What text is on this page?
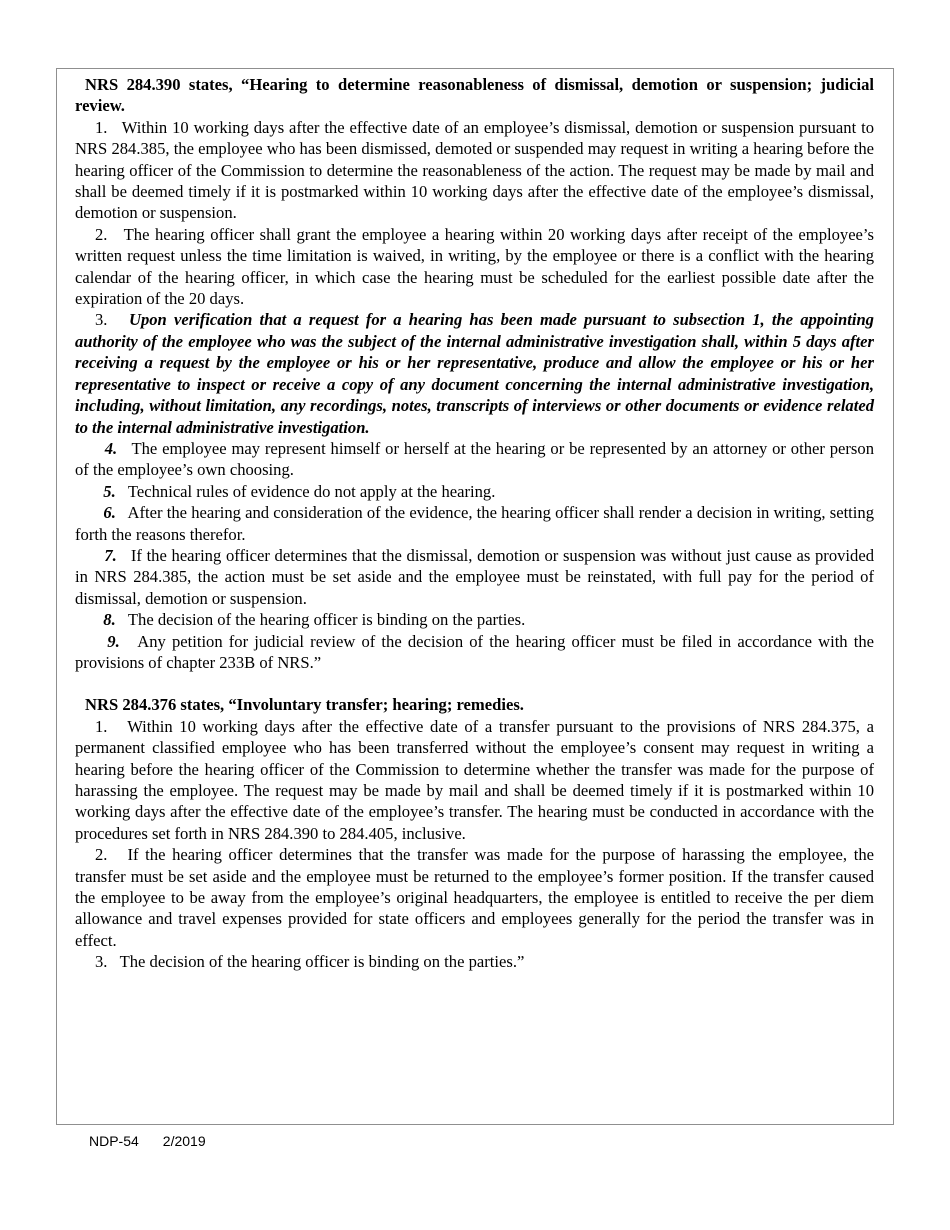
NRS 284.390 states, “Hearing to determine reasonableness of dismissal, demotion or suspension; judicial review.

1. Within 10 working days after the effective date of an employee’s dismissal, demotion or suspension pursuant to NRS 284.385, the employee who has been dismissed, demoted or suspended may request in writing a hearing before the hearing officer of the Commission to determine the reasonableness of the action. The request may be made by mail and shall be deemed timely if it is postmarked within 10 working days after the effective date of the employee’s dismissal, demotion or suspension.

2. The hearing officer shall grant the employee a hearing within 20 working days after receipt of the employee’s written request unless the time limitation is waived, in writing, by the employee or there is a conflict with the hearing calendar of the hearing officer, in which case the hearing must be scheduled for the earliest possible date after the expiration of the 20 days.

3. Upon verification that a request for a hearing has been made pursuant to subsection 1, the appointing authority of the employee who was the subject of the internal administrative investigation shall, within 5 days after receiving a request by the employee or his or her representative, produce and allow the employee or his or her representative to inspect or receive a copy of any document concerning the internal administrative investigation, including, without limitation, any recordings, notes, transcripts of interviews or other documents or evidence related to the internal administrative investigation.

4. The employee may represent himself or herself at the hearing or be represented by an attorney or other person of the employee’s own choosing.

5. Technical rules of evidence do not apply at the hearing.

6. After the hearing and consideration of the evidence, the hearing officer shall render a decision in writing, setting forth the reasons therefor.

7. If the hearing officer determines that the dismissal, demotion or suspension was without just cause as provided in NRS 284.385, the action must be set aside and the employee must be reinstated, with full pay for the period of dismissal, demotion or suspension.

8. The decision of the hearing officer is binding on the parties.

9. Any petition for judicial review of the decision of the hearing officer must be filed in accordance with the provisions of chapter 233B of NRS.”

NRS 284.376 states, “Involuntary transfer; hearing; remedies.

1. Within 10 working days after the effective date of a transfer pursuant to the provisions of NRS 284.375, a permanent classified employee who has been transferred without the employee’s consent may request in writing a hearing before the hearing officer of the Commission to determine whether the transfer was made for the purpose of harassing the employee. The request may be made by mail and shall be deemed timely if it is postmarked within 10 working days after the effective date of the employee’s transfer. The hearing must be conducted in accordance with the procedures set forth in NRS 284.390 to 284.405, inclusive.

2. If the hearing officer determines that the transfer was made for the purpose of harassing the employee, the transfer must be set aside and the employee must be returned to the employee’s former position. If the transfer caused the employee to be away from the employee’s original headquarters, the employee is entitled to receive the per diem allowance and travel expenses provided for state officers and employees generally for the period the transfer was in effect.

3. The decision of the hearing officer is binding on the parties.”

NDP-54 2/2019
